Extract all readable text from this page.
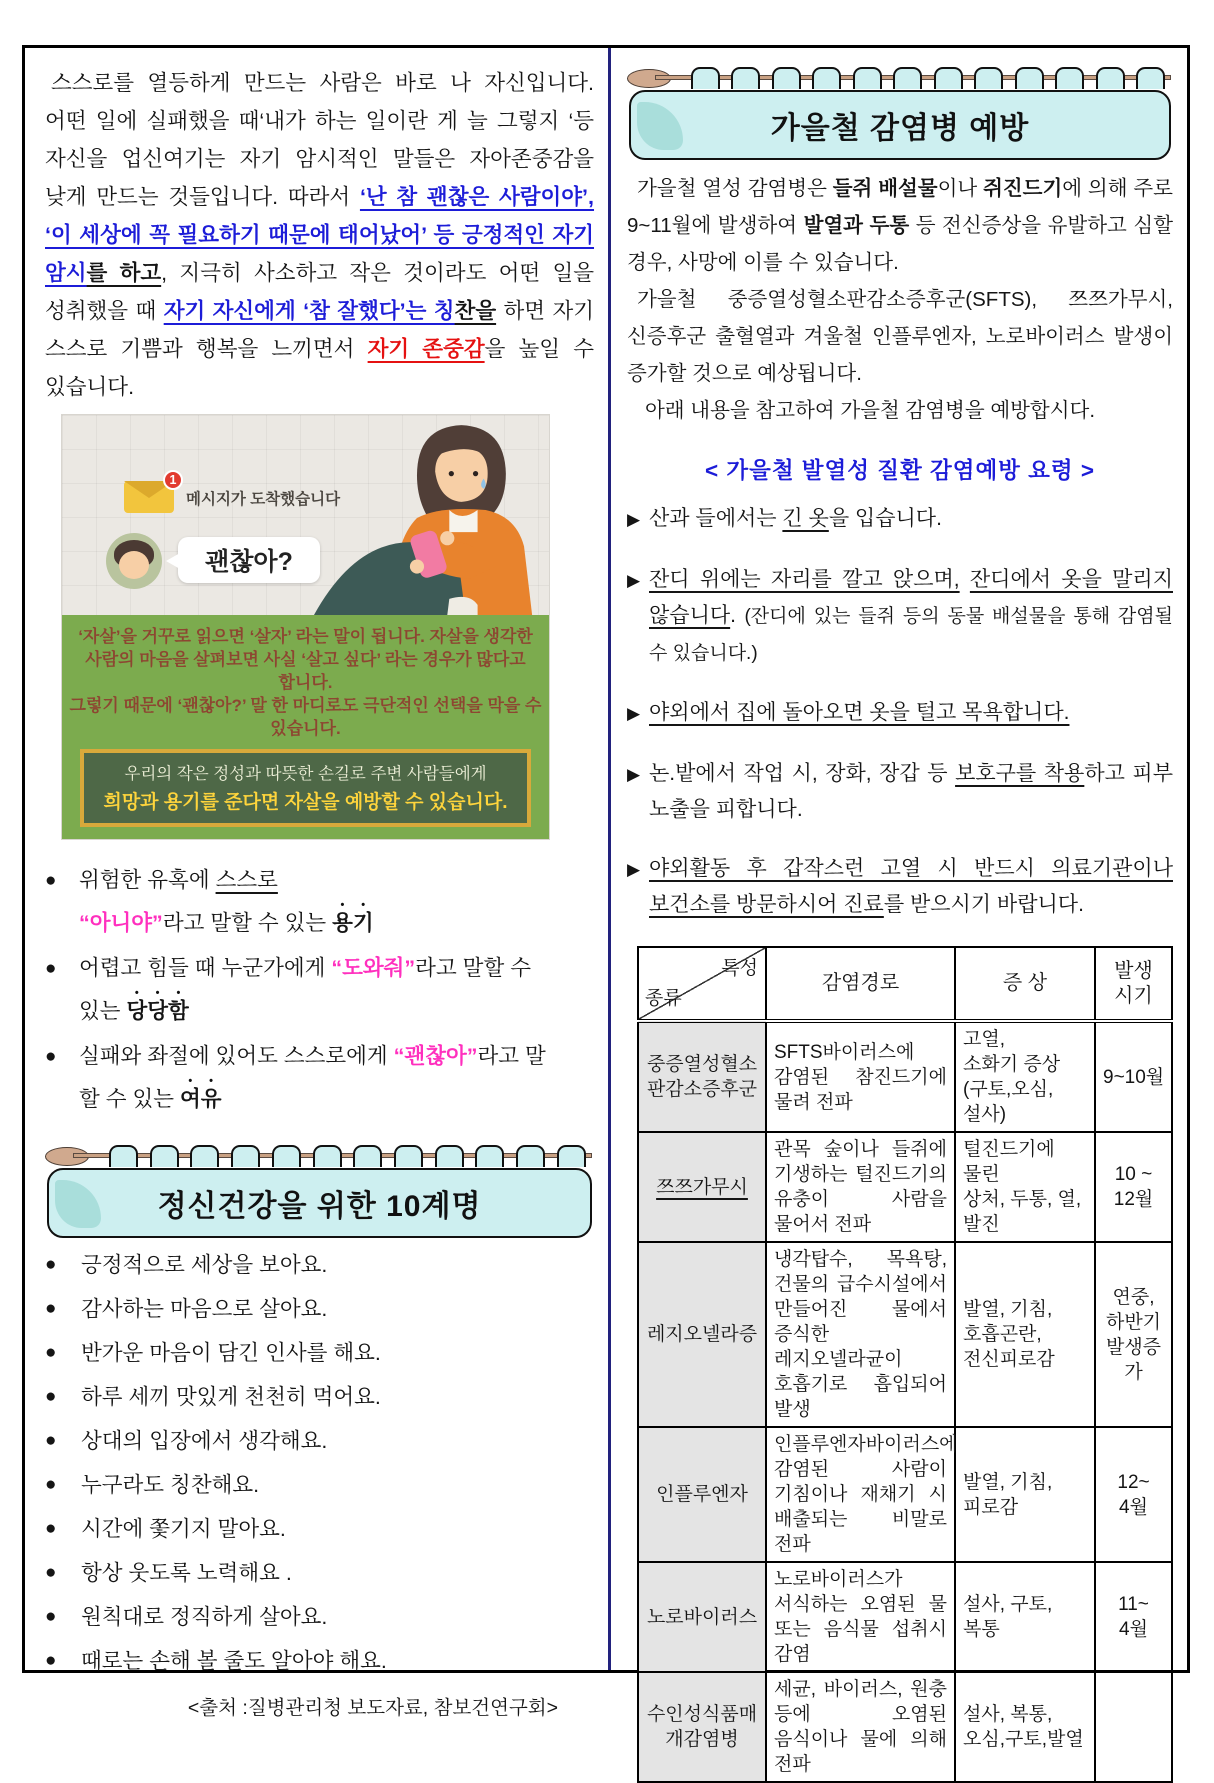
스스로를 열등하게 만드는 사람은 바로 나 자신입니다. 어떤 일에 실패했을 때‘내가 하는 일이란 게 늘 그렇지 ‘등 자신을 업신여기는 자기 암시적인 말들은 자아존중감을 낮게 만드는 것들입니다. 따라서 ‘난 참 괜찮은 사람이야’, ‘이 세상에 꼭 필요하기 때문에 태어났어’ 등 긍정적인 자기 암시를 하고, 지극히 사소하고 작은 것이라도 어떤 일을 성취했을 때 자기 자신에게 ‘참 잘했다’는 칭찬을 하면 자기 스스로 기쁨과 행복을 느끼면서 자기 존중감을 높일 수 있습니다.

1
메시지가 도착했습니다
괜찮아?
‘자살’을 거꾸로 읽으면 ‘살자’ 라는 말이 됩니다. 자살을 생각한
사람의 마음을 살펴보면 사실 ‘살고 싶다’ 라는 경우가 많다고 합니다.
그렇기 때문에 ‘괜찮아?’ 말 한 마디로도 극단적인 선택을 막을 수 있습니다.
우리의 작은 정성과 따뜻한 손길로 주변 사람들에게
희망과 용기를 준다면 자살을 예방할 수 있습니다.
●	위험한 유혹에 스스로
“아니야”라고 말할 수 있는 용기
●	어렵고 힘들 때 누군가에게 “도와줘”라고 말할 수
있는 당당함
●	실패와 좌절에 있어도 스스로에게 “괜찮아”라고 말
할 수 있는 여유
정신건강을 위한 10계명
●	긍정적으로 세상을 보아요.
●	감사하는 마음으로 살아요.
●	반가운 마음이 담긴 인사를 해요.
●	하루 세끼 맛있게 천천히 먹어요.
●	상대의 입장에서 생각해요.
●	누구라도 칭찬해요.
●	시간에 쫓기지 말아요.
●	항상 웃도록 노력해요 .
●	원칙대로 정직하게 살아요.
●	때로는 손해 볼 줄도 알아야 해요.
<출처 :질병관리청 보도자료, 참보건연구회>
가을철 감염병 예방

가을철 열성 감염병은 들쥐 배설물이나 쥐진드기에 의해 주로 9~11월에 발생하여 발열과 두통 등 전신증상을 유발하고 심할 경우, 사망에 이를 수 있습니다.

가을철 중증열성혈소판감소증후군(SFTS), 쯔쯔가무시, 신증후군 출혈열과 겨울철 인플루엔자, 노로바이러스 발생이 증가할 것으로 예상됩니다.

아래 내용을 참고하여 가을철 감염병을 예방합시다.

< 가을철 발열성 질환 감염예방 요령 >
▶ 산과 들에서는 긴 옷을 입습니다.
▶ 잔디 위에는 자리를 깔고 앉으며, 잔디에서 옷을 말리지 않습니다. (잔디에 있는 들쥐 등의 동물 배설물을 통해 감염될 수 있습니다.)
▶ 야외에서 집에 돌아오면 옷을 털고 목욕합니다.
▶ 논.밭에서 작업 시, 장화, 장갑 등 보호구를 착용하고 피부 노출을 피합니다.
▶ 야외활동 후 갑작스런 고열 시 반드시 의료기관이나 보건소를 방문하시어 진료를 받으시기 바랍니다.
특성
종류	감염경로	증 상	발생
시기
중증열성혈소
판감소증후군	SFTS바이러스에 감염된 참진드기에 물려 전파	고열,
소화기 증상
(구토,오심,설사)	9~10월
쯔쯔가무시	관목 숲이나 들쥐에 기생하는 털진드기의 유충이 사람을 물어서 전파	털진드기에 물린
상처, 두통, 열,
발진	10 ~
12월
레지오넬라증	냉각탑수, 목욕탕, 건물의 급수시설에서 만들어진 물에서 증식한 레지오넬라균이 호흡기로 흡입되어 발생	발열, 기침,
호흡곤란,
전신피로감	연중,
하반기
발생증
가
인플루엔자	인플루엔자바이러스에 감염된 사람이 기침이나 재채기 시 배출되는 비말로 전파	발열, 기침,
피로감	12~
4월
노로바이러스	노로바이러스가 서식하는 오염된 물 또는 음식물 섭취시 감염	설사, 구토, 복통	11~
4월
수인성식품매
개감염병	세균, 바이러스, 원충 등에 오염된 음식이나 물에 의해 전파	설사, 복통,
오심,구토,발열	
